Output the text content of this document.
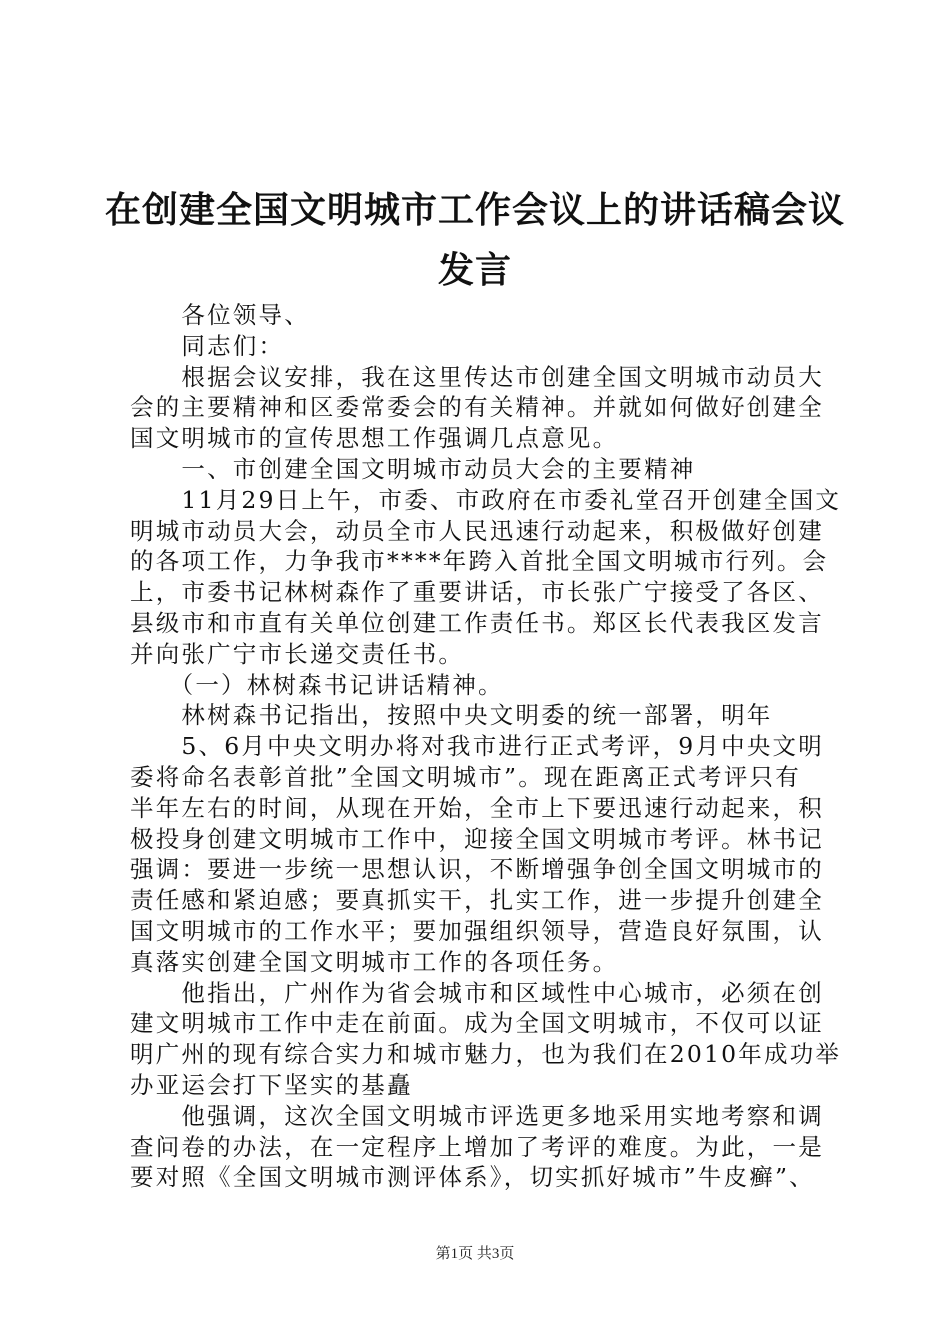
在创建全国文明城市工作会议上的讲话稿会议
发言
　　各位领导、
　　同志们：
　　根据会议安排，我在这里传达市创建全国文明城市动员大
会的主要精神和区委常委会的有关精神。并就如何做好创建全
国文明城市的宣传思想工作强调几点意见。
　　一、市创建全国文明城市动员大会的主要精神
　　11月29日上午，市委、市政府在市委礼堂召开创建全国文
明城市动员大会，动员全市人民迅速行动起来，积极做好创建
的各项工作，力争我市****年跨入首批全国文明城市行列。会
上，市委书记林树森作了重要讲话，市长张广宁接受了各区、
县级市和市直有关单位创建工作责任书。郑区长代表我区发言
并向张广宁市长递交责任书。
　　（一）林树森书记讲话精神。
　　林树森书记指出，按照中央文明委的统一部署，明年
　　5、6月中央文明办将对我市进行正式考评，9月中央文明
委将命名表彰首批”全国文明城市”。现在距离正式考评只有
半年左右的时间，从现在开始，全市上下要迅速行动起来，积
极投身创建文明城市工作中，迎接全国文明城市考评。林书记
强调：要进一步统一思想认识，不断增强争创全国文明城市的
责任感和紧迫感；要真抓实干，扎实工作，进一步提升创建全
国文明城市的工作水平；要加强组织领导，营造良好氛围，认
真落实创建全国文明城市工作的各项任务。
　　他指出，广州作为省会城市和区域性中心城市，必须在创
建文明城市工作中走在前面。成为全国文明城市，不仅可以证
明广州的现有综合实力和城市魅力，也为我们在2010年成功举
办亚运会打下坚实的基矗
　　他强调，这次全国文明城市评选更多地采用实地考察和调
查问卷的办法，在一定程序上增加了考评的难度。为此，一是
要对照《全国文明城市测评体系》，切实抓好城市”牛皮癣”、
第1页 共3页
